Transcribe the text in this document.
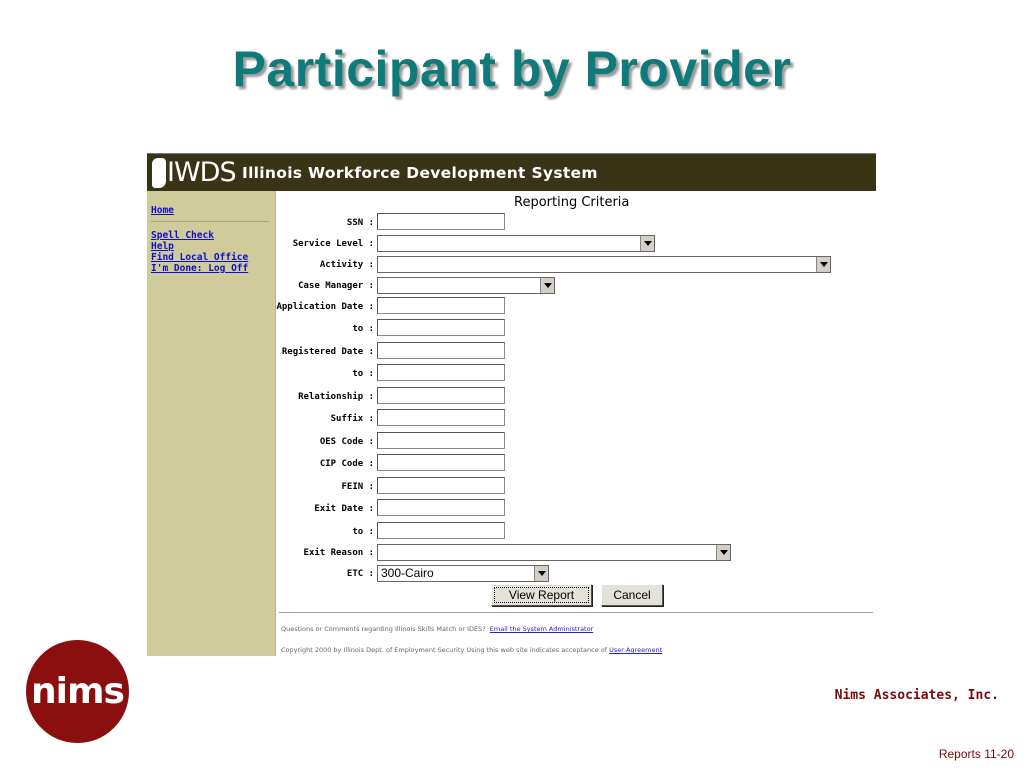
Participant by Provider
IWDS Illinois Workforce Development System
Home
Spell Check
Help
Find Local Office
I'm Done: Log Off
Reporting Criteria
SSN :
Service Level :
Activity :
Case Manager :
Application Date :
to :
Registered Date :
to :
Relationship :
Suffix :
OES Code :
CIP Code :
FEIN :
Exit Date :
to :
Exit Reason :
ETC : 300-Cairo
View Report	Cancel
Questions or Comments regarding Illinois Skills Match or IDES? Email the System Administrator
Copyright 2000 by Illinois Dept. of Employment Security Using this web site indicates acceptance of User Agreement
nims	Nims Associates, Inc.
Reports 11-20
